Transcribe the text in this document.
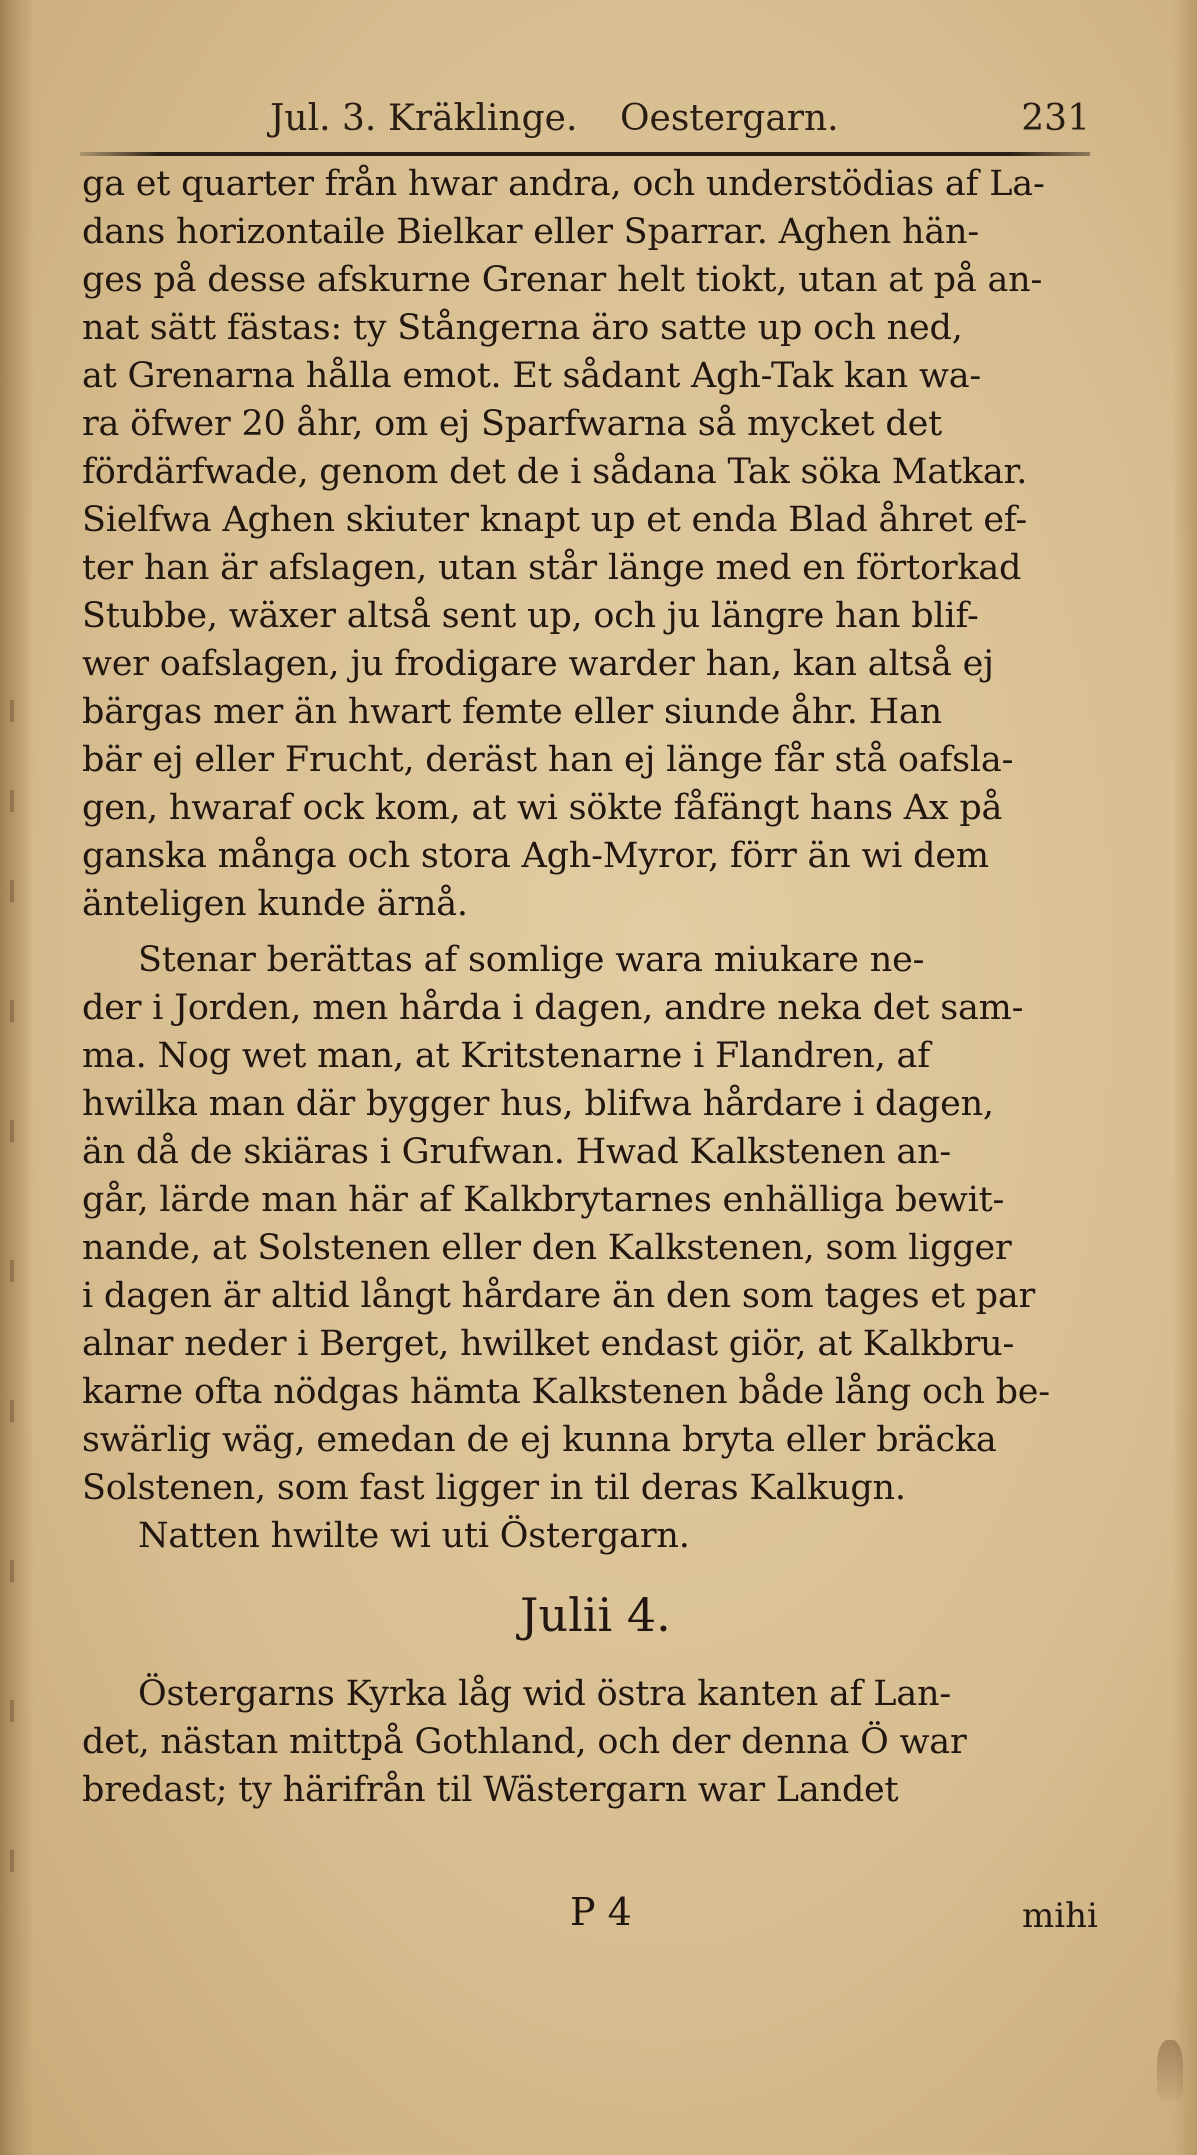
Jul. 3. Kräklinge. Oestergarn.	231
ga et quarter från hwar andra, och understödias af La-
dans horizontaile Bielkar eller Sparrar. Aghen hän-
ges på desse afskurne Grenar helt tiokt, utan at på an-
nat sätt fästas: ty Stångerna äro satte up och ned,
at Grenarna hålla emot. Et sådant Agh-Tak kan wa-
ra öfwer 20 åhr, om ej Sparfwarna så mycket det
fördärfwade, genom det de i sådana Tak söka Matkar.
Sielfwa Aghen skiuter knapt up et enda Blad åhret ef-
ter han är afslagen, utan står länge med en förtorkad
Stubbe, wäxer altså sent up, och ju längre han blif-
wer oafslagen, ju frodigare warder han, kan altså ej
bärgas mer än hwart femte eller siunde åhr. Han
bär ej eller Frucht, deräst han ej länge får stå oafsla-
gen, hwaraf ock kom, at wi sökte fåfängt hans Ax på
ganska många och stora Agh-Myror, förr än wi dem
änteligen kunde ärnå.
Stenar berättas af somlige wara miukare ne-
der i Jorden, men hårda i dagen, andre neka det sam-
ma. Nog wet man, at Kritstenarne i Flandren, af
hwilka man där bygger hus, blifwa hårdare i dagen,
än då de skiäras i Grufwan. Hwad Kalkstenen an-
går, lärde man här af Kalkbrytarnes enhälliga bewit-
nande, at Solstenen eller den Kalkstenen, som ligger
i dagen är altid långt hårdare än den som tages et par
alnar neder i Berget, hwilket endast giör, at Kalkbru-
karne ofta nödgas hämta Kalkstenen både lång och be-
swärlig wäg, emedan de ej kunna bryta eller bräcka
Solstenen, som fast ligger in til deras Kalkugn.
Natten hwilte wi uti Östergarn.
Julii 4.
Östergarns Kyrka låg wid östra kanten af Lan-
det, nästan mittpå Gothland, och der denna Ö war
bredast; ty härifrån til Wästergarn war Landet
P 4	mihi
